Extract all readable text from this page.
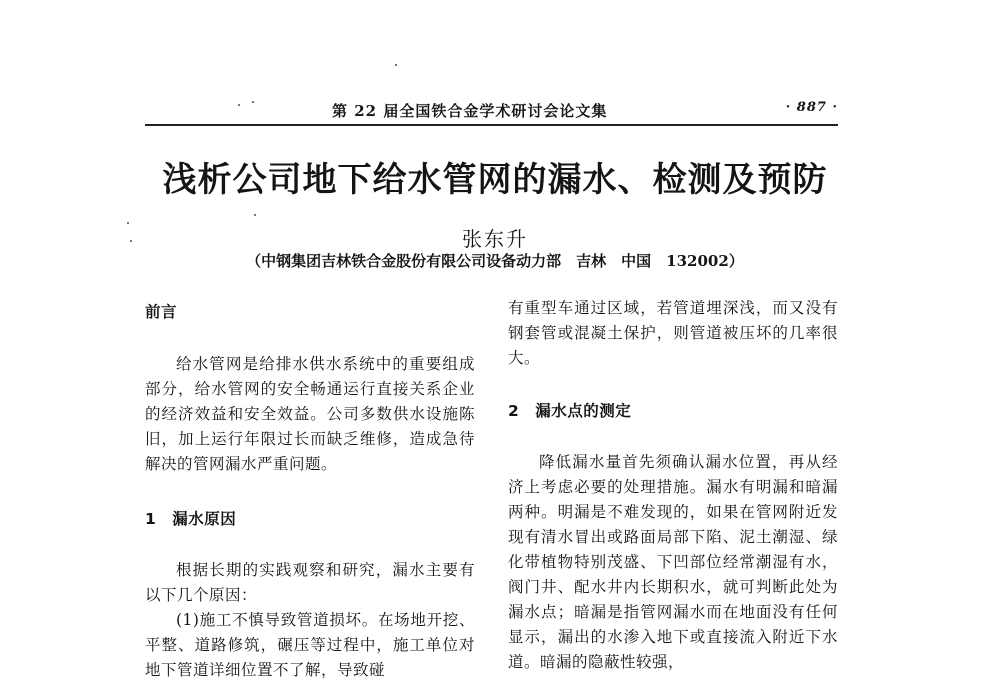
第 22 届全国铁合金学术研讨会论文集	· 887 ·
浅析公司地下给水管网的漏水、检测及预防
张东升
（中钢集团吉林铁合金股份有限公司设备动力部　吉林　中国　132002）

前言

给水管网是给排水供水系统中的重要组成部分，给水管网的安全畅通运行直接关系企业的经济效益和安全效益。公司多数供水设施陈旧，加上运行年限过长而缺乏维修，造成急待解决的管网漏水严重问题。

1　漏水原因

根据长期的实践观察和研究，漏水主要有以下几个原因：

(1)施工不慎导致管道损坏。在场地开挖、平整、道路修筑，碾压等过程中，施工单位对地下管道详细位置不了解，导致碰

有重型车通过区域，若管道埋深浅，而又没有钢套管或混凝土保护，则管道被压坏的几率很大。

2　漏水点的测定

降低漏水量首先须确认漏水位置，再从经济上考虑必要的处理措施。漏水有明漏和暗漏两种。明漏是不难发现的，如果在管网附近发现有清水冒出或路面局部下陷、泥土潮湿、绿化带植物特别茂盛、下凹部位经常潮湿有水，阀门井、配水井内长期积水，就可判断此处为漏水点；暗漏是指管网漏水而在地面没有任何显示，漏出的水渗入地下或直接流入附近下水道。暗漏的隐蔽性较强，
